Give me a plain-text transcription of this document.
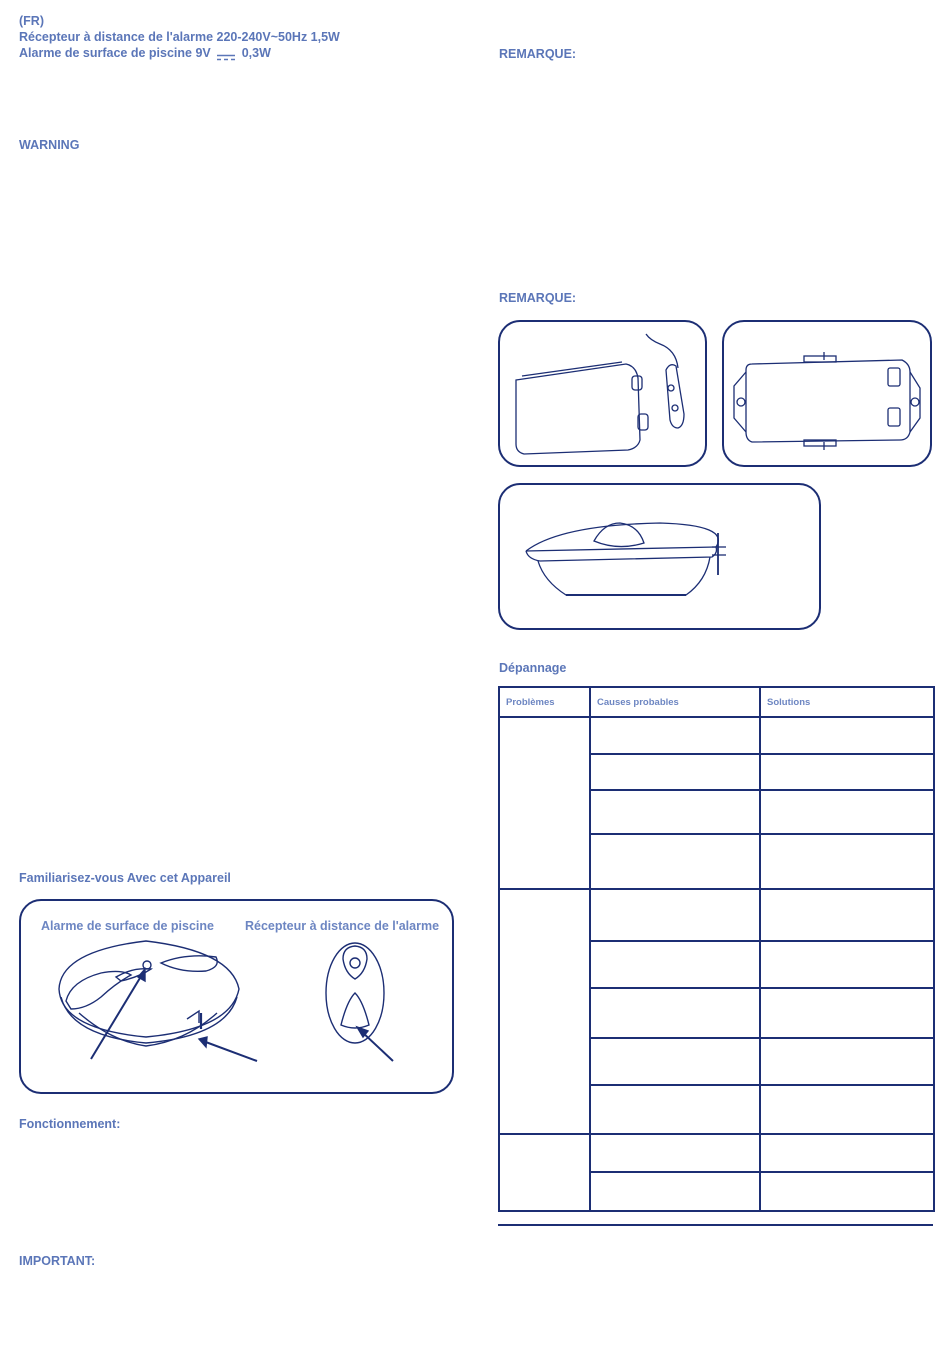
(FR)
Récepteur à distance de l'alarme 220-240V~50Hz 1,5W
Alarme de surface de piscine 9V 0,3W
WARNING
Familiarisez-vous Avec cet Appareil
Alarme de surface de piscine Récepteur à distance de l'alarme
Fonctionnement:
IMPORTANT:
REMARQUE:
REMARQUE:
Dépannage
Problèmes	Causes probables	Solutions
